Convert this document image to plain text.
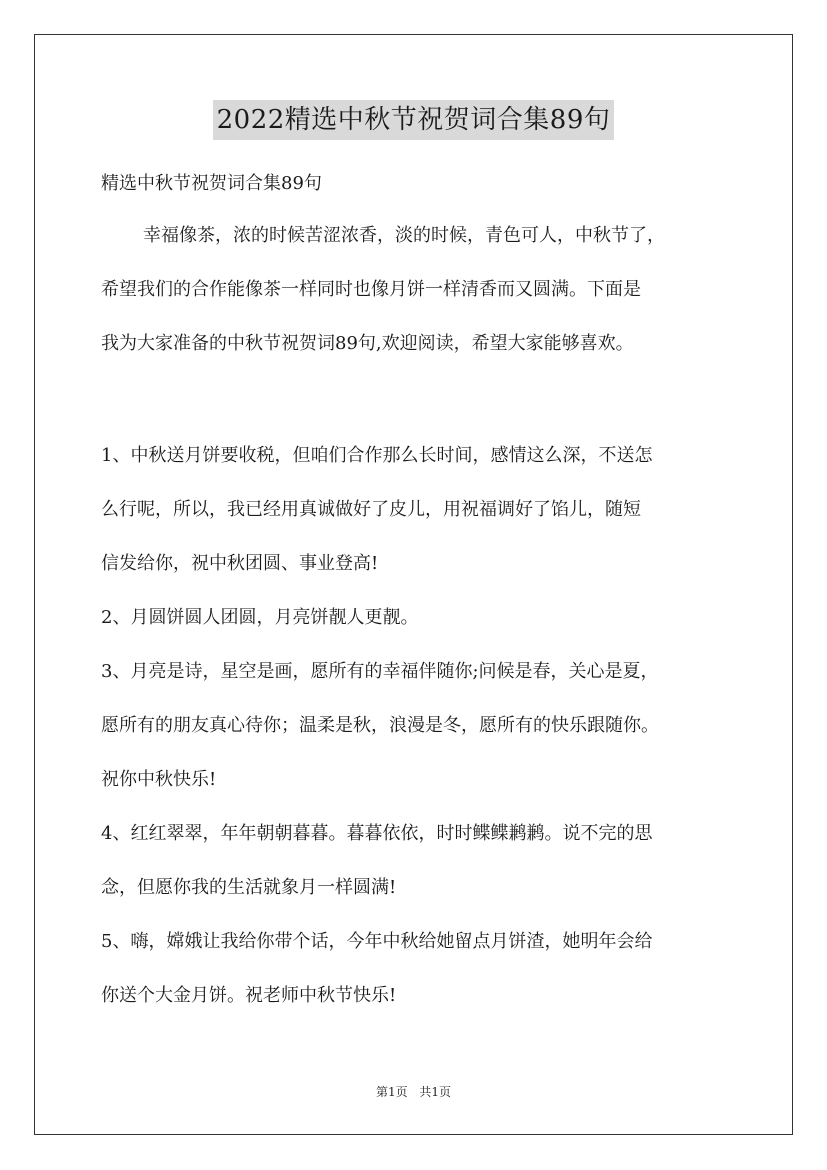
2022精选中秋节祝贺词合集89句
精选中秋节祝贺词合集89句
幸福像茶，浓的时候苦涩浓香，淡的时候，青色可人，中秋节了，
希望我们的合作能像茶一样同时也像月饼一样清香而又圆满。下面是
我为大家准备的中秋节祝贺词89句,欢迎阅读，希望大家能够喜欢。
1、中秋送月饼要收税，但咱们合作那么长时间，感情这么深，不送怎
么行呢，所以，我已经用真诚做好了皮儿，用祝福调好了馅儿，随短
信发给你，祝中秋团圆、事业登高!
2、月圆饼圆人团圆，月亮饼靓人更靓。
3、月亮是诗，星空是画，愿所有的幸福伴随你;问候是春，关心是夏，
愿所有的朋友真心待你；温柔是秋，浪漫是冬，愿所有的快乐跟随你。
祝你中秋快乐!
4、红红翠翠，年年朝朝暮暮。暮暮依依，时时鲽鲽鹣鹣。说不完的思
念，但愿你我的生活就象月一样圆满!
5、嗨，嫦娥让我给你带个话，今年中秋给她留点月饼渣，她明年会给
你送个大金月饼。祝老师中秋节快乐!
第1页 共1页
